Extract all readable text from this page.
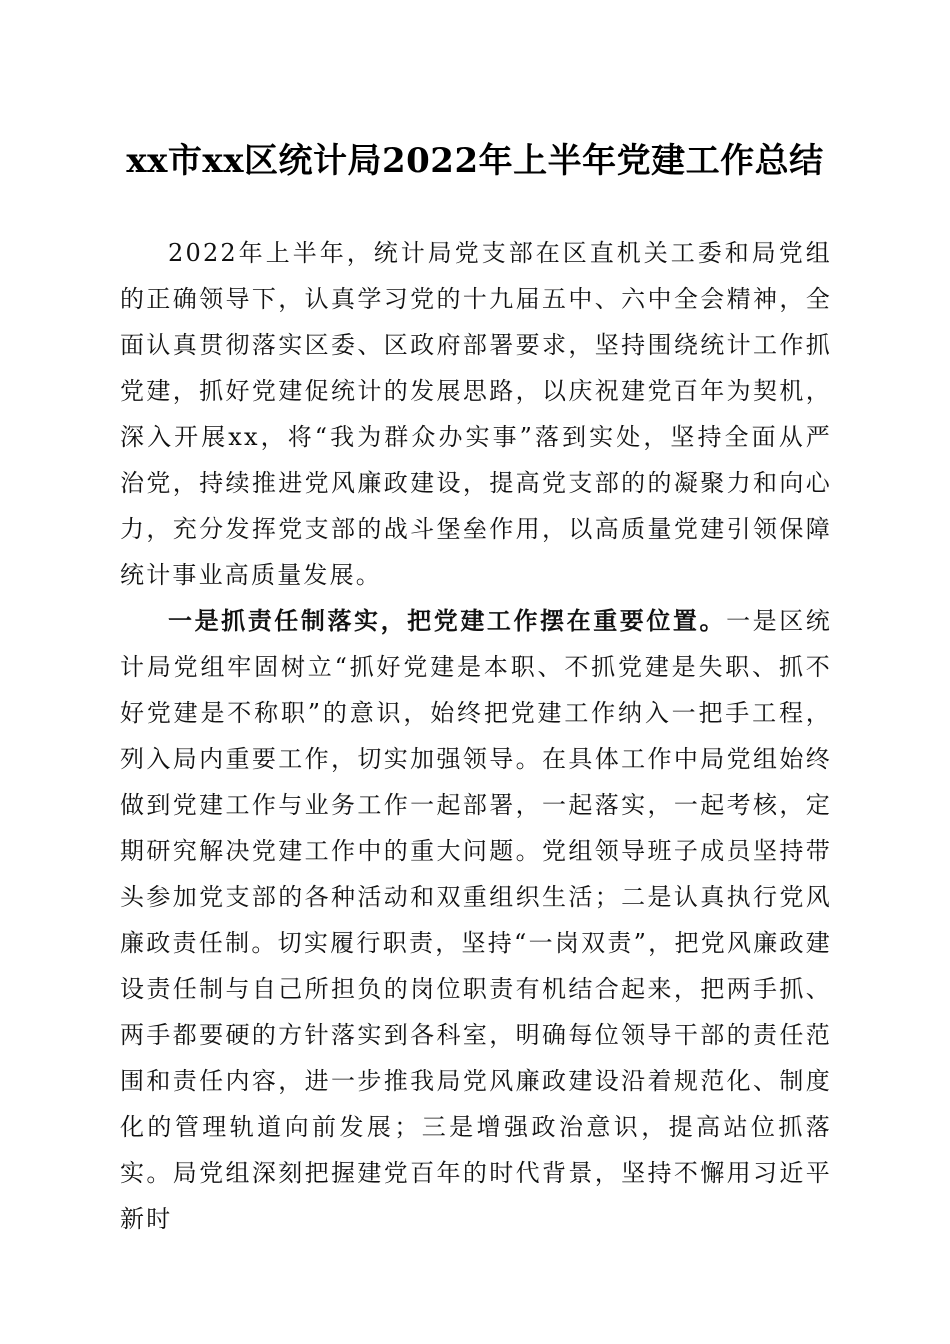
xx市xx区统计局2022年上半年党建工作总结

2022年上半年，统计局党支部在区直机关工委和局党组的正确领导下，认真学习党的十九届五中、六中全会精神，全面认真贯彻落实区委、区政府部署要求，坚持围绕统计工作抓党建，抓好党建促统计的发展思路，以庆祝建党百年为契机，深入开展xx，将“我为群众办实事”落到实处，坚持全面从严治党，持续推进党风廉政建设，提高党支部的的凝聚力和向心力，充分发挥党支部的战斗堡垒作用，以高质量党建引领保障统计事业高质量发展。

一是抓责任制落实，把党建工作摆在重要位置。一是区统计局党组牢固树立“抓好党建是本职、不抓党建是失职、抓不好党建是不称职”的意识，始终把党建工作纳入一把手工程，列入局内重要工作，切实加强领导。在具体工作中局党组始终做到党建工作与业务工作一起部署，一起落实，一起考核，定期研究解决党建工作中的重大问题。党组领导班子成员坚持带头参加党支部的各种活动和双重组织生活；二是认真执行党风廉政责任制。切实履行职责，坚持“一岗双责”，把党风廉政建设责任制与自己所担负的岗位职责有机结合起来，把两手抓、两手都要硬的方针落实到各科室，明确每位领导干部的责任范围和责任内容，进一步推我局党风廉政建设沿着规范化、制度化的管理轨道向前发展；三是增强政治意识，提高站位抓落实。局党组深刻把握建党百年的时代背景，坚持不懈用习近平新时
